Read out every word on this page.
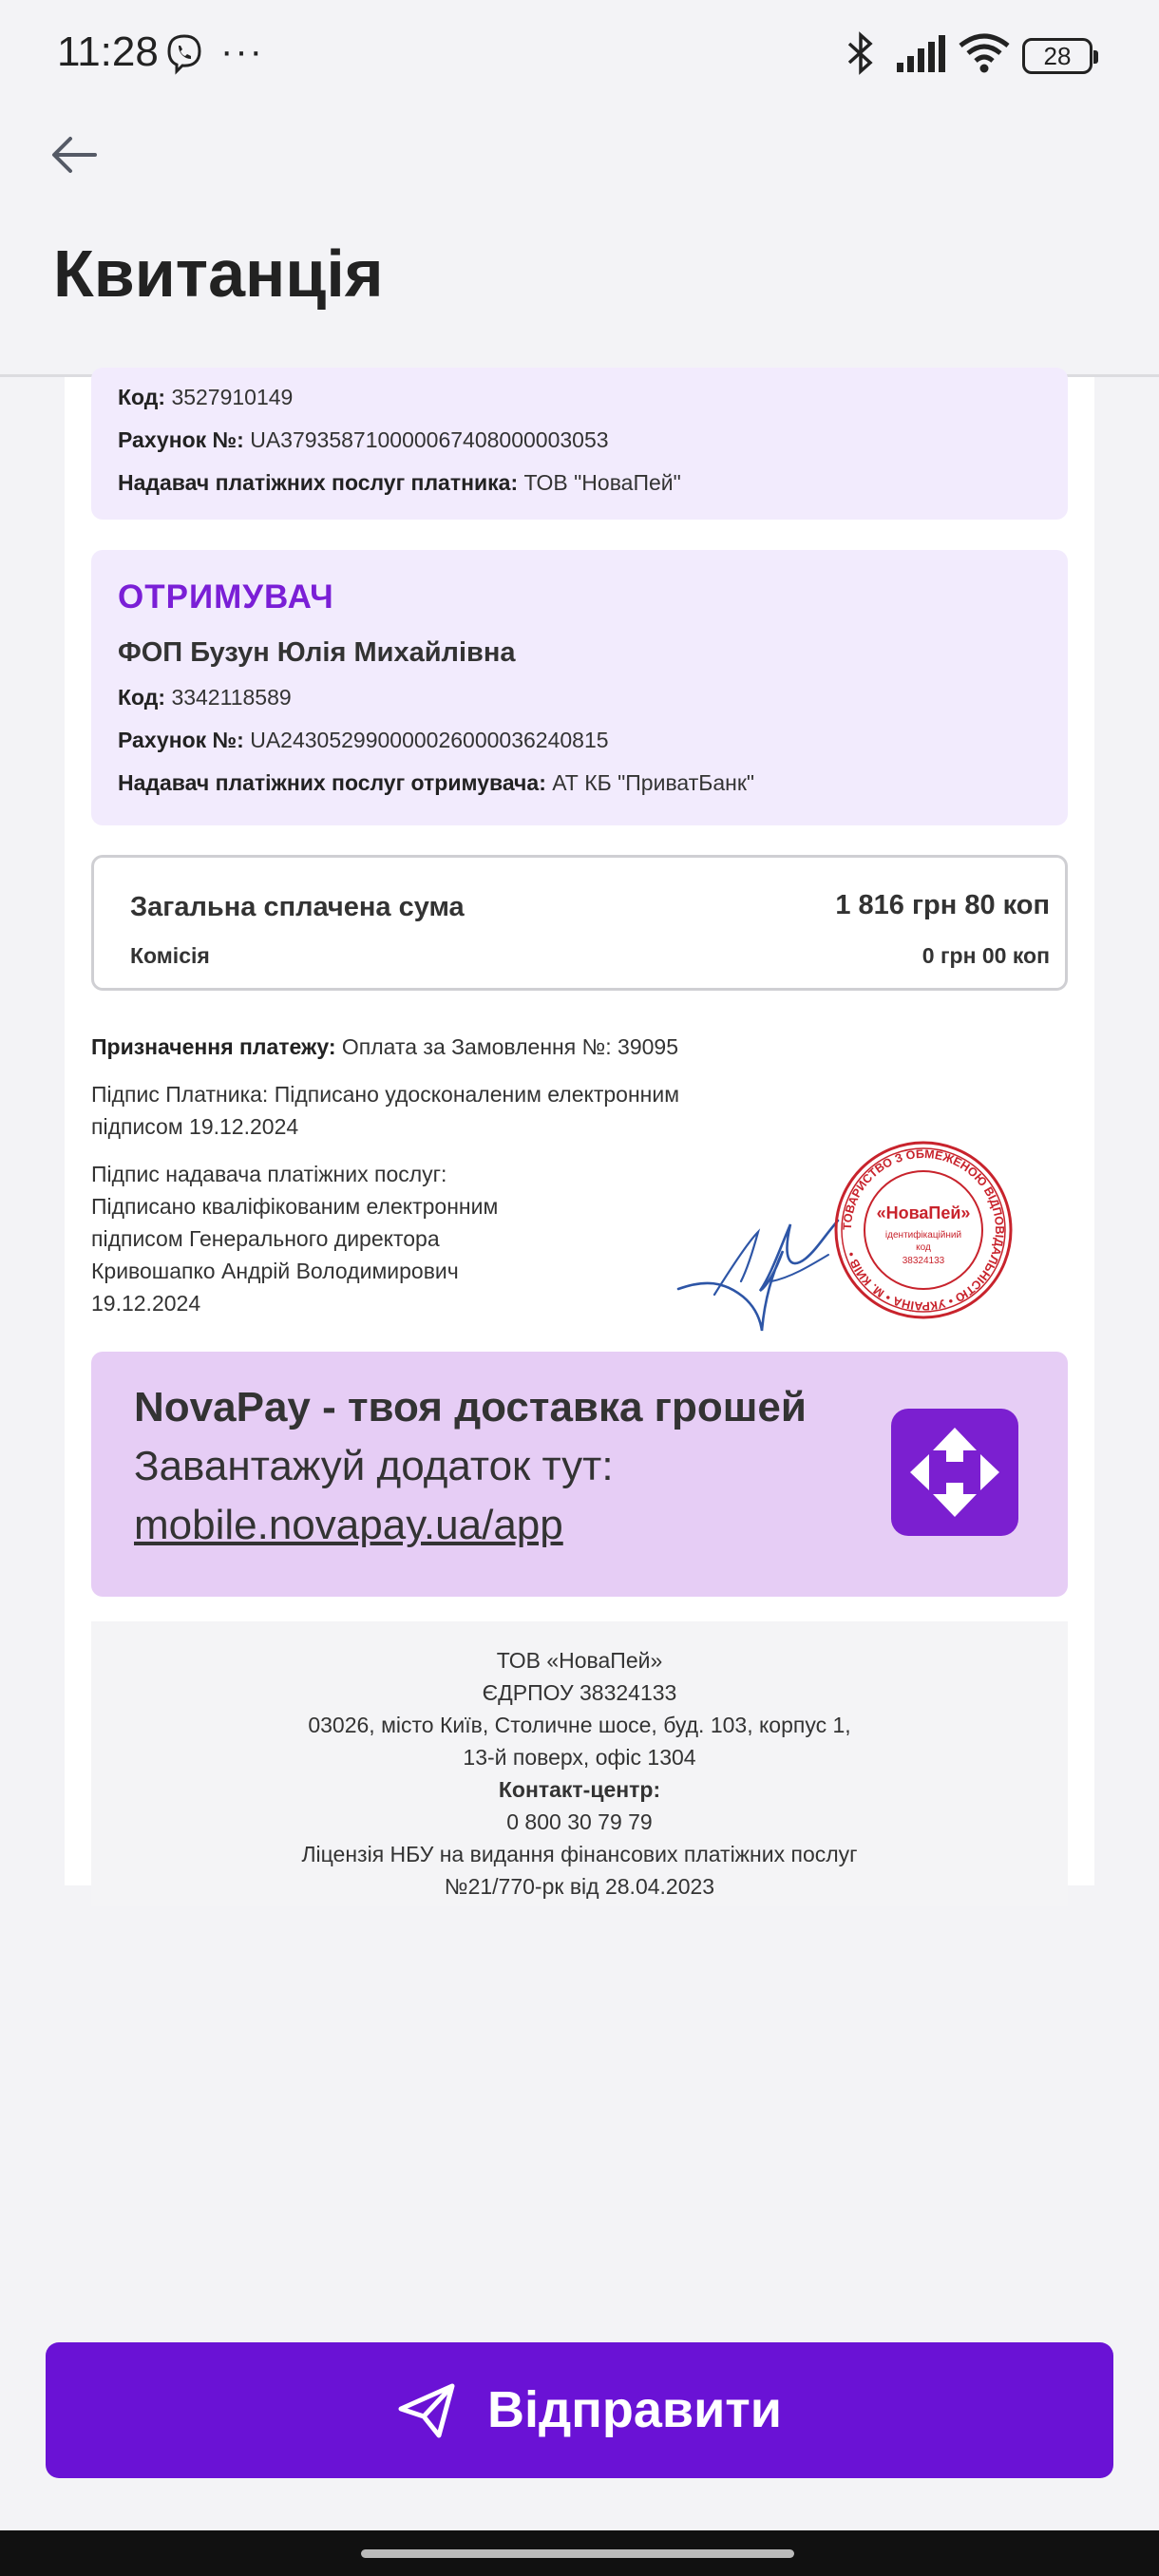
11:28 ···	28
Квитанція
Код: 3527910149
Рахунок №: UA379358710000067408000003053
Надавач платіжних послуг платника: ТОВ "НоваПей"
ОТРИМУВАЧ
ФОП Бузун Юлія Михайлівна
Код: 3342118589
Рахунок №: UA243052990000026000036240815
Надавач платіжних послуг отримувача: АТ КБ "ПриватБанк"
Загальна сплачена сума	1 816 грн 80 коп
Комісія	0 грн 00 коп
Призначення платежу: Оплата за Замовлення №: 39095
Підпис Платника: Підписано удосконаленим електронним
підписом 19.12.2024
Підпис надавача платіжних послуг:
Підписано кваліфікованим електронним
підписом Генерального директора
Кривошапко Андрій Володимирович
19.12.2024
ТОВАРИСТВО З ОБМЕЖЕНОЮ ВІДПОВІДАЛЬНІСТЮ • УКРАЇНА • М. КИЇВ •
«НоваПей»
ідентифікаційний
код
38324133
NovaPay - твоя доставка грошей
Завантажуй додаток тут:
mobile.novapay.ua/app
ТОВ «НоваПей»
ЄДРПОУ 38324133
03026, місто Київ, Столичне шосе, буд. 103, корпус 1,
13-й поверх, офіс 1304
Контакт-центр:
0 800 30 79 79
Ліцензія НБУ на видання фінансових платіжних послуг
№21/770-рк від 28.04.2023
Відправити
